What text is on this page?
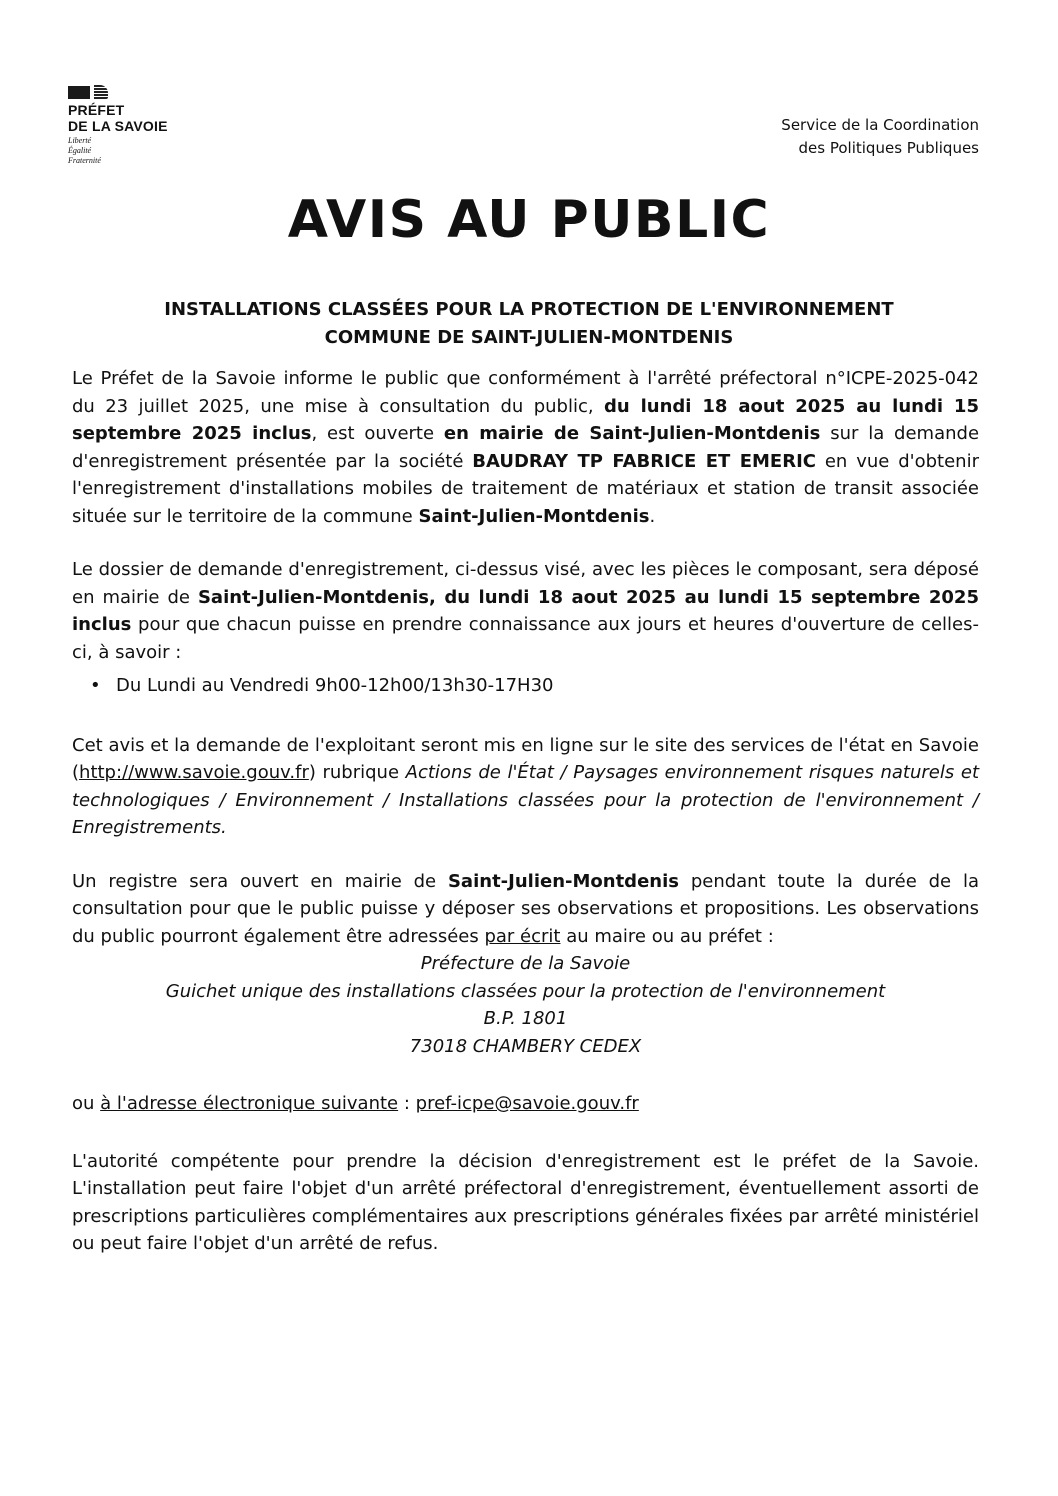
PRÉFET
DE LA SAVOIE
Liberté
Égalité
Fraternité
Service de la Coordination
des Politiques Publiques
AVIS AU PUBLIC
INSTALLATIONS CLASSÉES POUR LA PROTECTION DE L'ENVIRONNEMENT
COMMUNE DE SAINT-JULIEN-MONTDENIS

Le Préfet de la Savoie informe le public que conformément à l'arrêté préfectoral n°ICPE-2025-042 du 23 juillet 2025, une mise à consultation du public, du lundi 18 aout 2025 au lundi 15 septembre 2025 inclus, est ouverte en mairie de Saint-Julien-Montdenis sur la demande d'enregistrement présentée par la société BAUDRAY TP FABRICE ET EMERIC en vue d'obtenir l'enregistrement d'installations mobiles de traitement de matériaux et station de transit associée située sur le territoire de la commune Saint-Julien-Montdenis.

Le dossier de demande d'enregistrement, ci-dessus visé, avec les pièces le composant, sera déposé en mairie de Saint-Julien-Montdenis, du lundi 18 aout 2025 au lundi 15 septembre 2025 inclus pour que chacun puisse en prendre connaissance aux jours et heures d'ouverture de celles-ci, à savoir :

• Du Lundi au Vendredi 9h00-12h00/13h30-17H30

Cet avis et la demande de l'exploitant seront mis en ligne sur le site des services de l'état en Savoie (http://www.savoie.gouv.fr) rubrique Actions de l'État / Paysages environnement risques naturels et technologiques / Environnement / Installations classées pour la protection de l'environnement / Enregistrements.

Un registre sera ouvert en mairie de Saint-Julien-Montdenis pendant toute la durée de la consultation pour que le public puisse y déposer ses observations et propositions. Les observations du public pourront également être adressées par écrit au maire ou au préfet :

Préfecture de la Savoie

Guichet unique des installations classées pour la protection de l'environnement

B.P. 1801

73018 CHAMBERY CEDEX

ou à l'adresse électronique suivante : pref-icpe@savoie.gouv.fr

L'autorité compétente pour prendre la décision d'enregistrement est le préfet de la Savoie. L'installation peut faire l'objet d'un arrêté préfectoral d'enregistrement, éventuellement assorti de prescriptions particulières complémentaires aux prescriptions générales fixées par arrêté ministériel ou peut faire l'objet d'un arrêté de refus.
